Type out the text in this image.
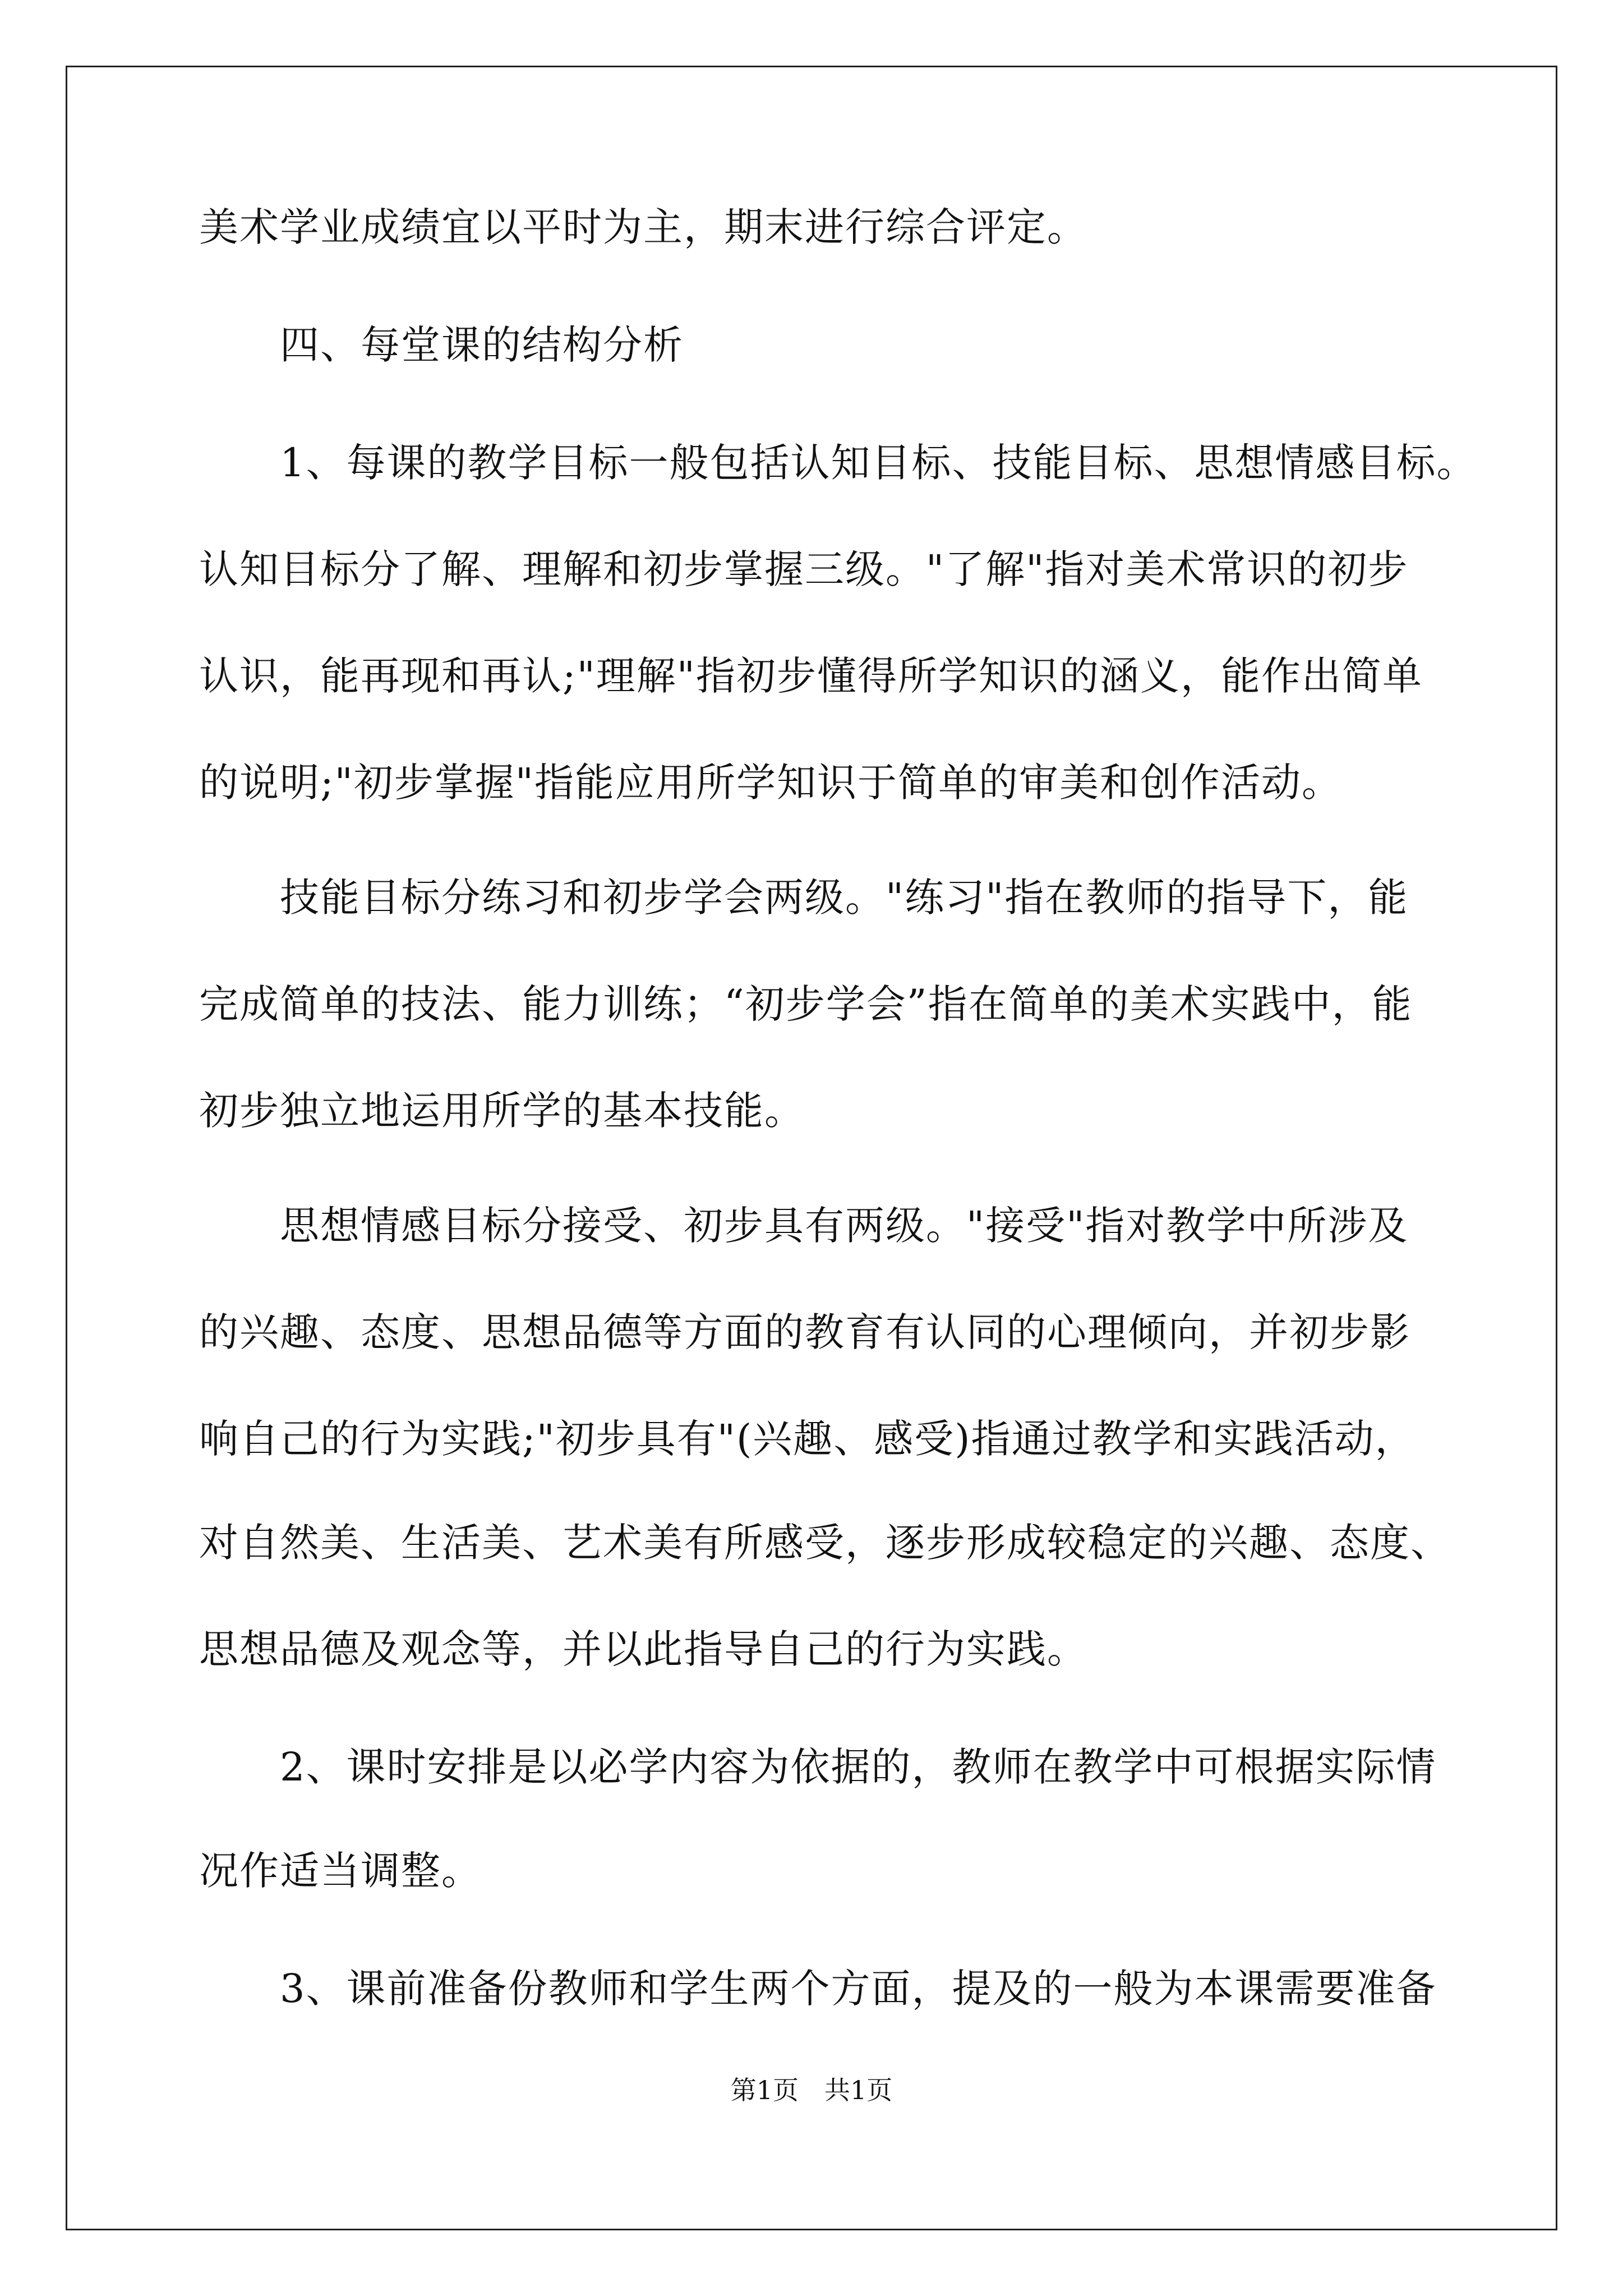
美术学业成绩宜以平时为主，期末进行综合评定。
　　四、每堂课的结构分析
　　1、每课的教学目标一般包括认知目标、技能目标、思想情感目标。
认知目标分了解、理解和初步掌握三级。"了解"指对美术常识的初步
认识，能再现和再认;"理解"指初步懂得所学知识的涵义，能作出简单
的说明;"初步掌握"指能应用所学知识于简单的审美和创作活动。
　　技能目标分练习和初步学会两级。"练习"指在教师的指导下，能
完成简单的技法、能力训练；“初步学会”指在简单的美术实践中，能
初步独立地运用所学的基本技能。
　　思想情感目标分接受、初步具有两级。"接受"指对教学中所涉及
的兴趣、态度、思想品德等方面的教育有认同的心理倾向，并初步影
响自己的行为实践;"初步具有"(兴趣、感受)指通过教学和实践活动，
对自然美、生活美、艺术美有所感受，逐步形成较稳定的兴趣、态度、
思想品德及观念等，并以此指导自己的行为实践。
　　2、课时安排是以必学内容为依据的，教师在教学中可根据实际情
况作适当调整。
　　3、课前准备份教师和学生两个方面，提及的一般为本课需要准备
第1页　共1页
